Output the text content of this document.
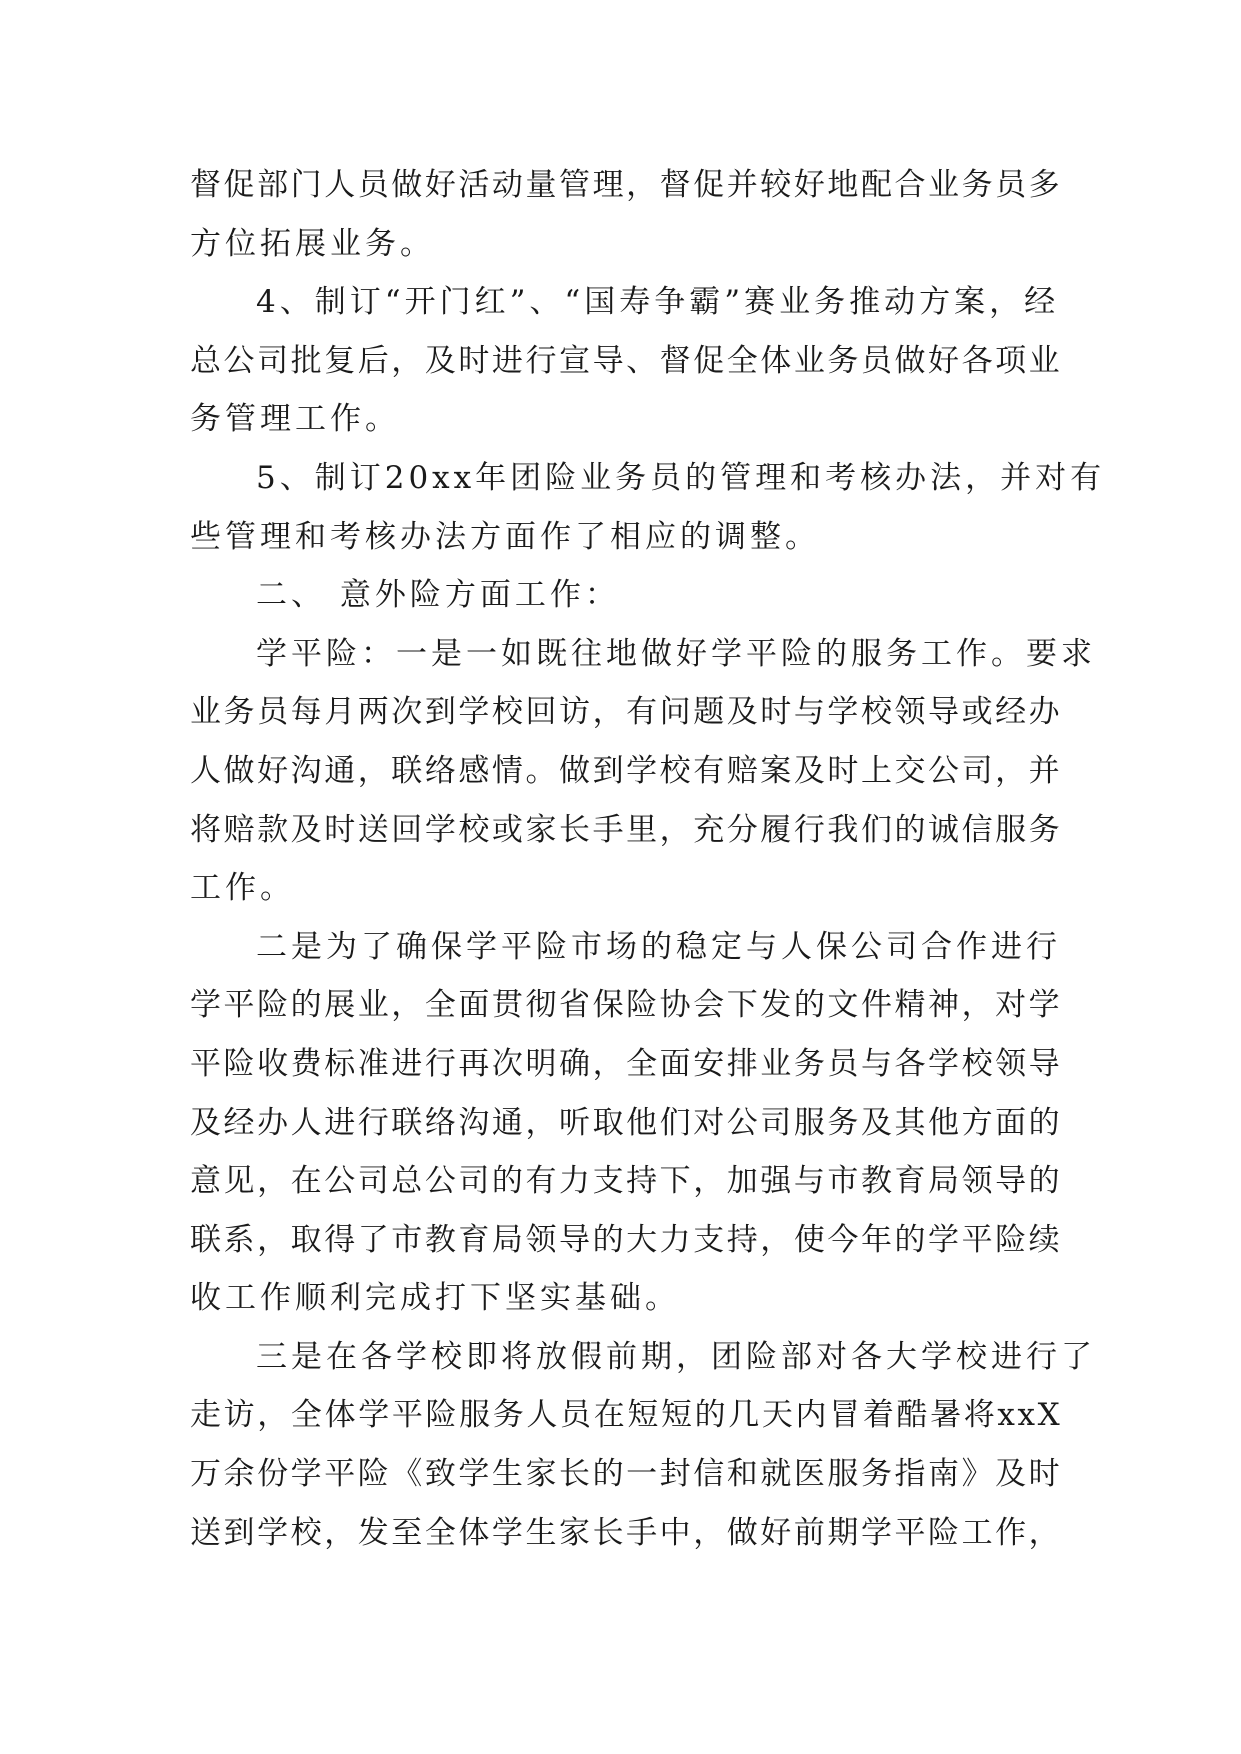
督 促 部 门 人 员 做 好 活 动 量 管 理 ， 督 促 并 较 好 地 配 合 业 务 员 多
方位拓展业务。
4、制订“开门红”、“国寿争霸”赛业务推动方案，经
总 公 司 批 复 后 ， 及 时 进 行 宣 导 、 督 促 全 体 业 务 员 做 好 各 项 业
务管理工作。
5、制订20xx年团险业务员的管理和考核办法，并对有
些管理和考核办法方面作了相应的调整。
二、 意外险方面工作：
学平险：一是一如既往地做好学平险的服务工作。要求
业 务 员 每 月 两 次 到 学 校 回 访 ， 有 问 题 及 时 与 学 校 领 导 或 经 办
人 做 好 沟 通 ， 联 络 感 情 。 做 到 学 校 有 赔 案 及 时 上 交 公 司 ， 并
将 赔 款 及 时 送 回 学 校 或 家 长 手 里 ， 充 分 履 行 我 们 的 诚 信 服 务
工作。
二是为了确保学平险市场的稳定与人保公司合作进行
学 平 险 的 展 业 ， 全 面 贯 彻 省 保 险 协 会 下 发 的 文 件 精 神 ， 对 学
平 险 收 费 标 准 进 行 再 次 明 确 ， 全 面 安 排 业 务 员 与 各 学 校 领 导
及 经 办 人 进 行 联 络 沟 通 ， 听 取 他 们 对 公 司 服 务 及 其 他 方 面 的
意 见 ， 在 公 司 总 公 司 的 有 力 支 持 下 ， 加 强 与 市 教 育 局 领 导 的
联 系 ， 取 得 了 市 教 育 局 领 导 的 大 力 支 持 ， 使 今 年 的 学 平 险 续
收工作顺利完成打下坚实基础。
三是在各学校即将放假前期，团险部对各大学校进行了
走 访 ， 全 体 学 平 险 服 务 人 员 在 短 短 的 几 天 内 冒 着 酷 暑 将 x x X
万 余 份 学 平 险 《 致 学 生 家 长 的 一 封 信 和 就 医 服 务 指 南 》 及 时
送 到 学 校 ， 发 至 全 体 学 生 家 长 手 中 ， 做 好 前 期 学 平 险 工 作 ，
